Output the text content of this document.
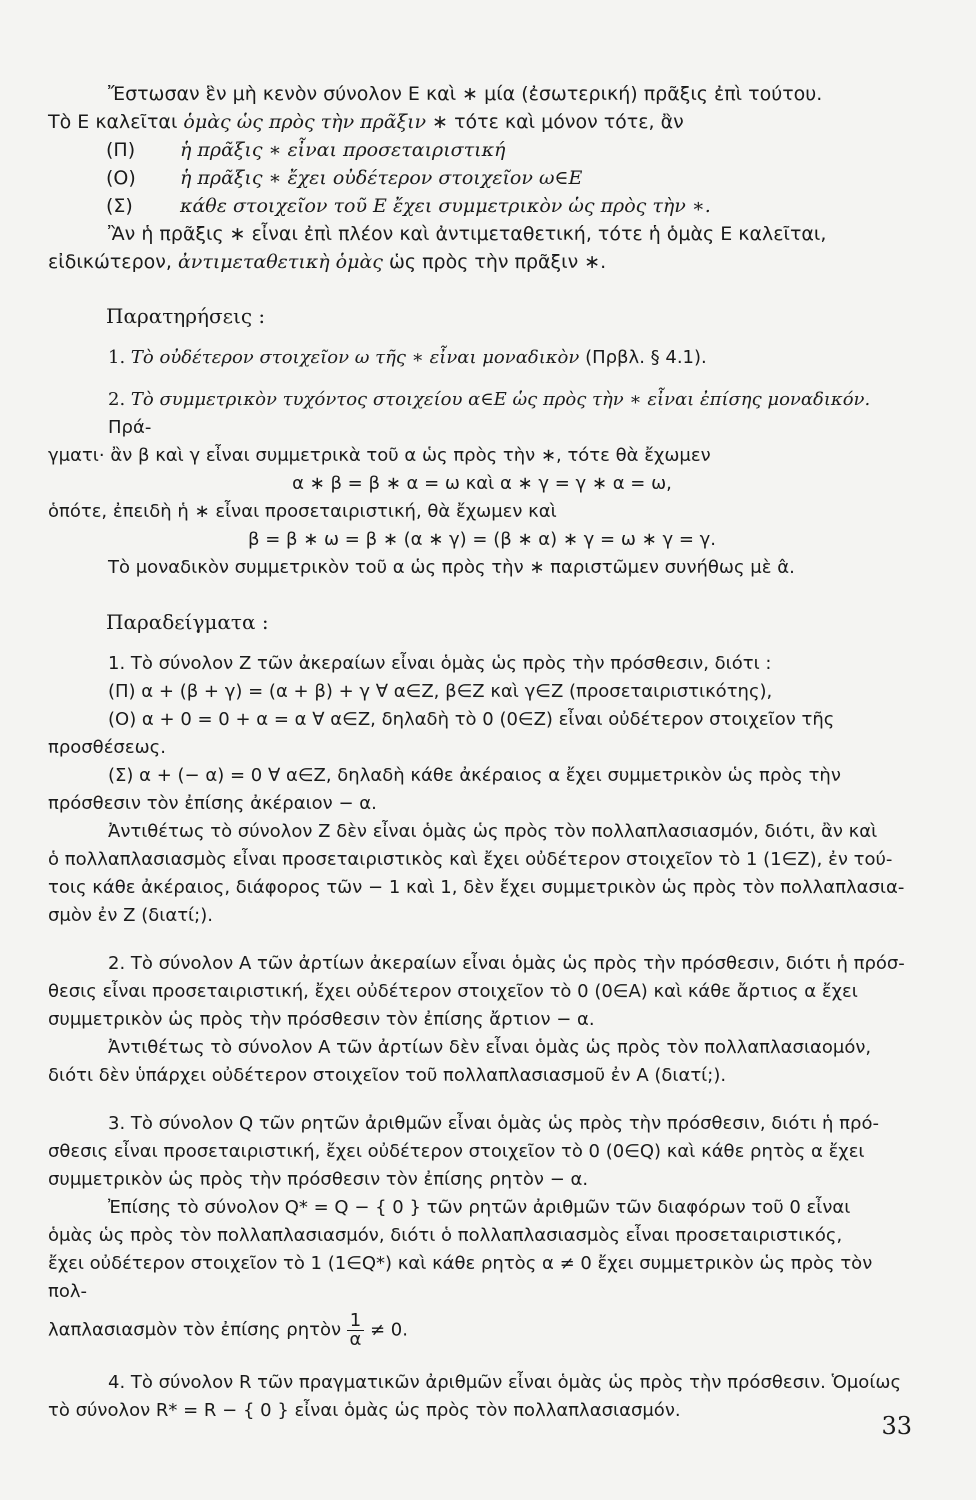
Ἔστωσαν ἓν μὴ κενὸν σύνολον Ε καὶ ∗ μία (ἐσωτερική) πρᾶξις ἐπὶ τούτου.
Τὸ Ε καλεῖται ὁμὰς ὡς πρὸς τὴν πρᾶξιν ∗ τότε καὶ μόνον τότε, ἂν
(Π) ἡ πρᾶξις ∗ εἶναι προσεταιριστική
(Ο) ἡ πρᾶξις ∗ ἔχει οὐδέτερον στοιχεῖον ω∈Ε
(Σ) κάθε στοιχεῖον τοῦ Ε ἔχει συμμετρικὸν ὡς πρὸς τὴν ∗.
Ἂν ἡ πρᾶξις ∗ εἶναι ἐπὶ πλέον καὶ ἀντιμεταθετική, τότε ἡ ὁμὰς Ε καλεῖται,
εἰδικώτερον, ἀντιμεταθετικὴ ὁμὰς ὡς πρὸς τὴν πρᾶξιν ∗.
Παρατηρήσεις :
1. Τὸ οὐδέτερον στοιχεῖον ω τῆς ∗ εἶναι μοναδικὸν (Πρβλ. § 4.1).
2. Τὸ συμμετρικὸν τυχόντος στοιχείου α∈Ε ὡς πρὸς τὴν ∗ εἶναι ἐπίσης μοναδικόν. Πρά-
γματι· ἂν β καὶ γ εἶναι συμμετρικὰ τοῦ α ὡς πρὸς τὴν ∗, τότε θὰ ἔχωμεν
α ∗ β = β ∗ α = ω καὶ α ∗ γ = γ ∗ α = ω,
ὁπότε, ἐπειδὴ ἡ ∗ εἶναι προσεταιριστική, θὰ ἔχωμεν καὶ
β = β ∗ ω = β ∗ (α ∗ γ) = (β ∗ α) ∗ γ = ω ∗ γ = γ.
Τὸ μοναδικὸν συμμετρικὸν τοῦ α ὡς πρὸς τὴν ∗ παριστῶμεν συνήθως μὲ α̂.
Παραδείγματα :
1. Τὸ σύνολον Ζ τῶν ἀκεραίων εἶναι ὁμὰς ὡς πρὸς τὴν πρόσθεσιν, διότι :
(Π) α + (β + γ) = (α + β) + γ ∀ α∈Ζ, β∈Ζ καὶ γ∈Ζ (προσεταιριστικότης),
(Ο) α + 0 = 0 + α = α ∀ α∈Ζ, δηλαδὴ τὸ 0 (0∈Ζ) εἶναι οὐδέτερον στοιχεῖον τῆς
προσθέσεως.
(Σ) α + (− α) = 0 ∀ α∈Ζ, δηλαδὴ κάθε ἀκέραιος α ἔχει συμμετρικὸν ὡς πρὸς τὴν
πρόσθεσιν τὸν ἐπίσης ἀκέραιον − α.
Ἀντιθέτως τὸ σύνολον Ζ δὲν εἶναι ὁμὰς ὡς πρὸς τὸν πολλαπλασιασμόν, διότι, ἂν καὶ
ὁ πολλαπλασιασμὸς εἶναι προσεταιριστικὸς καὶ ἔχει οὐδέτερον στοιχεῖον τὸ 1 (1∈Ζ), ἐν τού-
τοις κάθε ἀκέραιος, διάφορος τῶν − 1 καὶ 1, δὲν ἔχει συμμετρικὸν ὡς πρὸς τὸν πολλαπλασια-
σμὸν ἐν Ζ (διατί;).
2. Τὸ σύνολον Α τῶν ἀρτίων ἀκεραίων εἶναι ὁμὰς ὡς πρὸς τὴν πρόσθεσιν, διότι ἡ πρόσ-
θεσις εἶναι προσεταιριστική, ἔχει οὐδέτερον στοιχεῖον τὸ 0 (0∈Α) καὶ κάθε ἄρτιος α ἔχει
συμμετρικὸν ὡς πρὸς τὴν πρόσθεσιν τὸν ἐπίσης ἄρτιον − α.
Ἀντιθέτως τὸ σύνολον Α τῶν ἀρτίων δὲν εἶναι ὁμὰς ὡς πρὸς τὸν πολλαπλασιαομόν,
διότι δὲν ὑπάρχει οὐδέτερον στοιχεῖον τοῦ πολλαπλασιασμοῦ ἐν Α (διατί;).
3. Τὸ σύνολον Q τῶν ρητῶν ἀριθμῶν εἶναι ὁμὰς ὡς πρὸς τὴν πρόσθεσιν, διότι ἡ πρό-
σθεσις εἶναι προσεταιριστική, ἔχει οὐδέτερον στοιχεῖον τὸ 0 (0∈Q) καὶ κάθε ρητὸς α ἔχει
συμμετρικὸν ὡς πρὸς τὴν πρόσθεσιν τὸν ἐπίσης ρητὸν − α.
Ἐπίσης τὸ σύνολον Q* = Q − { 0 } τῶν ρητῶν ἀριθμῶν τῶν διαφόρων τοῦ 0 εἶναι
ὁμὰς ὡς πρὸς τὸν πολλαπλασιασμόν, διότι ὁ πολλαπλασιασμὸς εἶναι προσεταιριστικός,
ἔχει οὐδέτερον στοιχεῖον τὸ 1 (1∈Q*) καὶ κάθε ρητὸς α ≠ 0 ἔχει συμμετρικὸν ὡς πρὸς τὸν πολ-
λαπλασιασμὸν τὸν ἐπίσης ρητὸν $\frac{1}{\alpha} \ne 0$.
4. Τὸ σύνολον R τῶν πραγματικῶν ἀριθμῶν εἶναι ὁμὰς ὡς πρὸς τὴν πρόσθεσιν. Ὁμοίως
τὸ σύνολον R* = R − { 0 } εἶναι ὁμὰς ὡς πρὸς τὸν πολλαπλασιασμόν.
33
